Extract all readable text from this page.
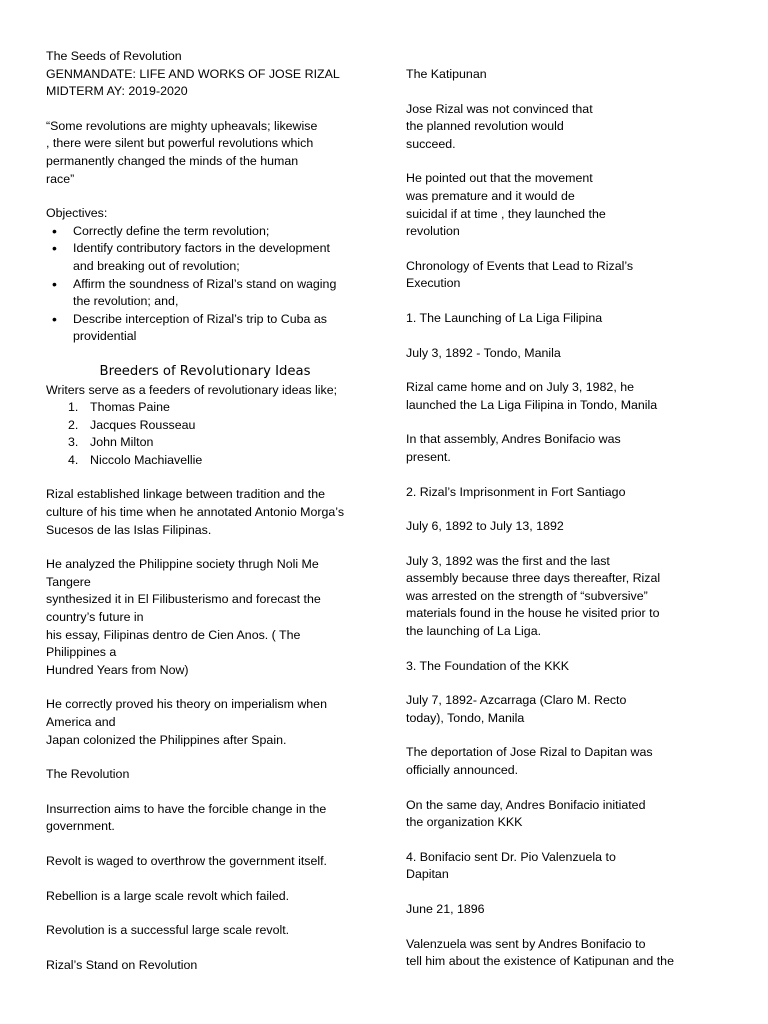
The Seeds of Revolution
GENMANDATE: LIFE AND WORKS OF JOSE RIZAL
MIDTERM AY: 2019-2020
“Some revolutions are mighty upheavals; likewise
, there were silent but powerful revolutions which
permanently changed the minds of the human
race”
Objectives:
• Correctly define the term revolution;
• Identify contributory factors in the development
and breaking out of revolution;
• Affirm the soundness of Rizal’s stand on waging
the revolution; and,
• Describe interception of Rizal’s trip to Cuba as
providential
Breeders of Revolutionary Ideas
Writers serve as a feeders of revolutionary ideas like;
1. Thomas Paine
2. Jacques Rousseau
3. John Milton
4. Niccolo Machiavellie
Rizal established linkage between tradition and the
culture of his time when he annotated Antonio Morga’s
Sucesos de las Islas Filipinas.
He analyzed the Philippine society thrugh Noli Me
Tangere
synthesized it in El Filibusterismo and forecast the
country’s future in
his essay, Filipinas dentro de Cien Anos. ( The
Philippines a
Hundred Years from Now)
He correctly proved his theory on imperialism when
America and
Japan colonized the Philippines after Spain.
The Revolution
Insurrection aims to have the forcible change in the
government.
Revolt is waged to overthrow the government itself.
Rebellion is a large scale revolt which failed.
Revolution is a successful large scale revolt.
Rizal’s Stand on Revolution
The Katipunan
Jose Rizal was not convinced that
the planned revolution would
succeed.
He pointed out that the movement
was premature and it would de
suicidal if at time , they launched the
revolution
Chronology of Events that Lead to Rizal’s
Execution
1. The Launching of La Liga Filipina
July 3, 1892 - Tondo, Manila
Rizal came home and on July 3, 1982, he
launched the La Liga Filipina in Tondo, Manila
In that assembly, Andres Bonifacio was
present.
2. Rizal’s Imprisonment in Fort Santiago
July 6, 1892 to July 13, 1892
July 3, 1892 was the first and the last
assembly because three days thereafter, Rizal
was arrested on the strength of “subversive”
materials found in the house he visited prior to
the launching of La Liga.
3. The Foundation of the KKK
July 7, 1892- Azcarraga (Claro M. Recto
today), Tondo, Manila
The deportation of Jose Rizal to Dapitan was
officially announced.
On the same day, Andres Bonifacio initiated
the organization KKK
4. Bonifacio sent Dr. Pio Valenzuela to
Dapitan
June 21, 1896
Valenzuela was sent by Andres Bonifacio to
tell him about the existence of Katipunan and the
